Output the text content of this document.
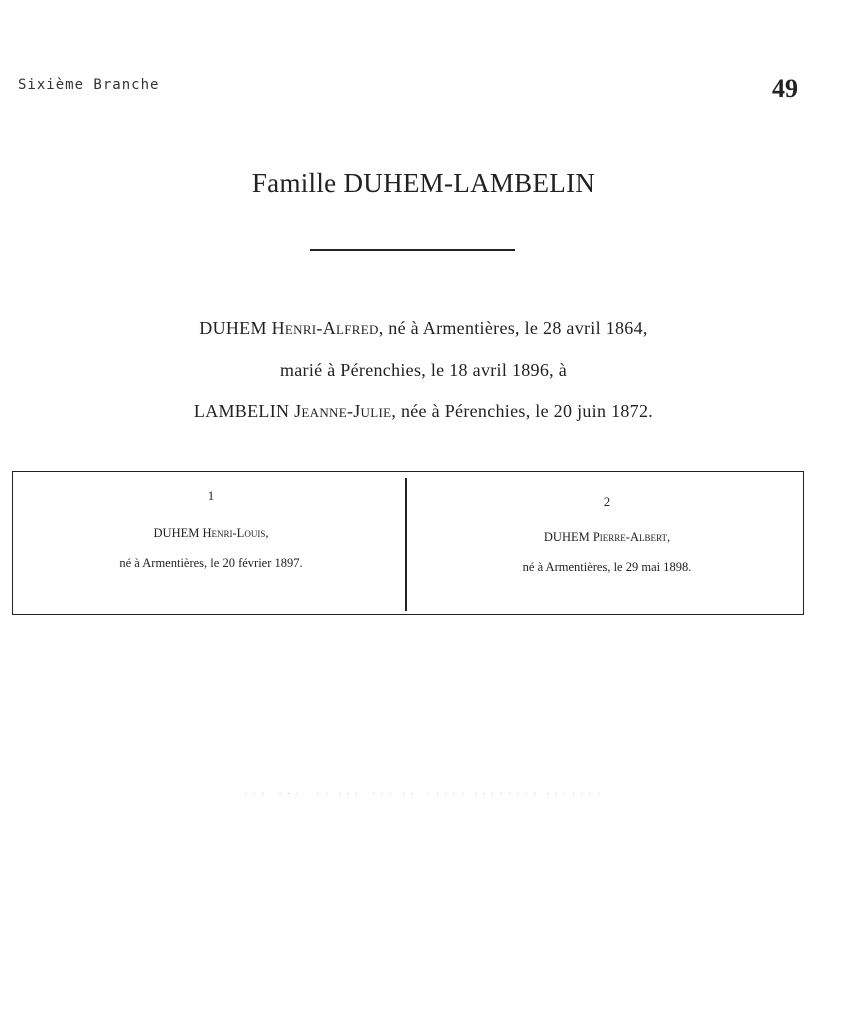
Sixième Branche	49
Famille DUHEM-LAMBELIN
DUHEM Henri-Alfred, né à Armentières, le 28 avril 1864,
marié à Pérenchies, le 18 avril 1896, à
LAMBELIN Jeanne-Julie, née à Pérenchies, le 20 juin 1872.
1
DUHEM Henri-Louis,
né à Armentières, le 20 février 1897.
2
DUHEM Pierre-Albert,
né à Armentières, le 29 mai 1898.
. . .   . . .    . .  . . .   . . .  . .   . . . . .  . . . . . . . .  . . . . . . .
